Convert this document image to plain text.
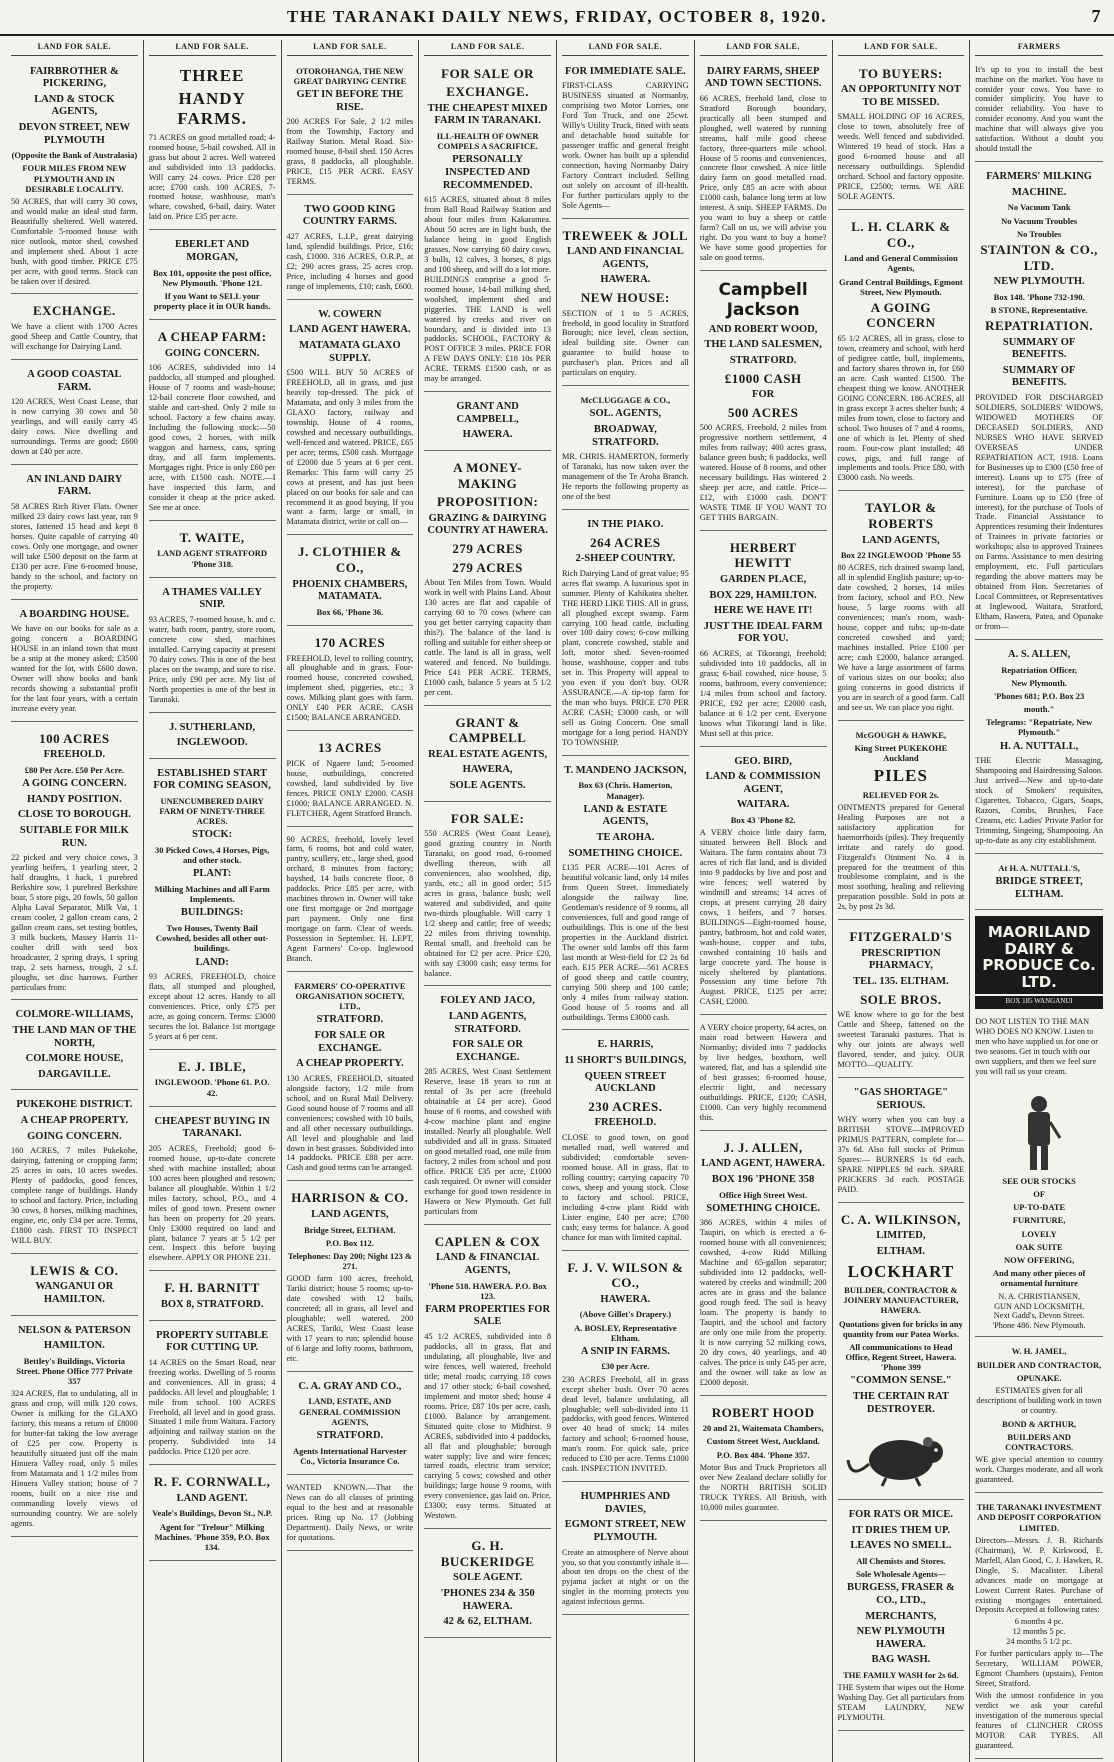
THE TARANAKI DAILY NEWS, FRIDAY, OCTOBER 8, 1920.	7
LAND FOR SALE.
FAIRBROTHER & PICKERING,
LAND & STOCK AGENTS,
DEVON STREET, NEW PLYMOUTH
(Opposite the Bank of Australasia)
FOUR MILES FROM NEW PLYMOUTH AND IN DESIRABLE LOCALITY.

50 ACRES, that will carry 30 cows, and would make an ideal stud farm. Beautifully sheltered. Well watered. Comfortable 5-roomed house with nice outlook, motor shed, cowshed and implement shed. About 1 acre bush, with good timber. PRICE £75 per acre, with good terms. Stock can be taken over if desired.

EXCHANGE.

We have a client with 1700 Acres good Sheep and Cattle Country, that will exchange for Dairying Land.

A GOOD COASTAL FARM.

120 ACRES, West Coast Lease, that is now carrying 30 cows and 50 yearlings, and will easily carry 45 dairy cows. Nice dwelling and surroundings. Terms are good; £600 down at £40 per acre.

AN INLAND DAIRY FARM.

58 ACRES Rich River Flats. Owner milked 23 dairy cows last year, ran 9 stores, fattened 15 head and kept 8 horses. Quite capable of carrying 40 cows. Only one mortgage, and owner will take £500 deposit on the farm at £130 per acre. Fine 6-roomed house, handy to the school, and factory on the property.

A BOARDING HOUSE.

We have on our books for sale as a going concern a BOARDING HOUSE in an inland town that must be a snip at the money asked; £3500 wanted for the lot, with £600 down. Owner will show books and bank records showing a substantial profit for the last four years, with a certain increase every year.

100 ACRES
FREEHOLD.
£80 Per Acre. £50 Per Acre.
A GOING CONCERN.
HANDY POSITION.
CLOSE TO BOROUGH.
SUITABLE FOR MILK RUN.

22 picked and very choice cows, 3 yearling heifers, 1 yearling steer, 2 half draughts, 1 hack, 1 purebred Berkshire sow, 1 purebred Berkshire boar, 5 store pigs, 20 fowls, 50 gallon Alpha Laval Separator, Milk Vat, 1 cream cooler, 2 gallon cream cans, 2 gallon cream cans, set testing bottles, 3 milk buckets, Massey Harris 11-coulter drill with seed box broadcaster, 2 spring drays, 1 spring trap, 2 sets harness, trough, 2 s.f. ploughs, set disc harrows. Further particulars from:

COLMORE-WILLIAMS,
THE LAND MAN OF THE NORTH,
COLMORE HOUSE,
DARGAVILLE.
PUKEKOHE DISTRICT.
A CHEAP PROPERTY.
GOING CONCERN.

160 ACRES, 7 miles Pukekohe, dairying, fattening or cropping farm; 25 acres in oats, 10 acres swedes. Plenty of paddocks, good fences, complete range of buildings. Handy to school and factory. Price, including 30 cows, 8 horses, milking machines, engine, etc, only £34 per acre. Terms, £1800 cash. FIRST TO INSPECT WILL BUY.

LEWIS & CO.
WANGANUI OR HAMILTON.
NELSON & PATERSON
HAMILTON.
Bettley's Buildings, Victoria Street. Phone Office 777 Private 357

324 ACRES, flat to undulating, all in grass and crop, will milk 120 cows. Owner is milking for the GLAXO factory, this means a return of £8000 for butter-fat taking the low average of £25 per cow. Property is beautifully situated just off the main Hinuera Valley road, only 5 miles from Matamata and 1 1/2 miles from Hinuera Valley station; house of 7 rooms, built on a nice rise and commanding lovely views of surrounding country. We are solely agents.

LAND FOR SALE.
THREE
HANDY FARMS.

71 ACRES on good metalled road; 4-roomed house, 5-bail cowshed. All in grass but about 2 acres. Well watered and subdivided into 13 paddocks. Will carry 24 cows. Price £28 per acre; £700 cash. 100 ACRES, 7-roomed house, washhouse, man's whare, cowshed, 6-bail, dairy. Water laid on. Price £35 per acre.

EBERLET AND MORGAN,
Box 101, opposite the post office, New Plymouth. 'Phone 121.
If you Want to SELL your property place it in OUR hands.
A CHEAP FARM:
GOING CONCERN.

106 ACRES, subdivided into 14 paddocks, all stumped and ploughed. House of 7 rooms and wash-house; 12-bail concrete floor cowshed, and stable and cart-shed. Only 2 mile to school. Factory a few chains away. Including the following stock:—50 good cows, 2 horses, with milk waggon and harness, cans, spring dray, and all farm implements. Mortgages right. Price is only £60 per acre, with £1500 cash. NOTE.—I have inspected this farm, and consider it cheap at the price asked. See me at once.

T. WAITE,
LAND AGENT STRATFORD 'Phone 318.
A THAMES VALLEY SNIP.

93 ACRES, 7-roomed house, h. and c. water, bath room, pantry, store room, concrete cow shed, machines installed. Carrying capacity at present 70 dairy cows. This is one of the best places on the swamp, and sure to rise. Price, only £90 per acre. My list of North properties is one of the best in Taranaki.

J. SUTHERLAND,
INGLEWOOD.
ESTABLISHED START FOR COMING SEASON,
UNENCUMBERED DAIRY FARM OF NINETY-THREE ACRES.
STOCK:
30 Picked Cows, 4 Horses, Pigs, and other stock.
PLANT:
Milking Machines and all Farm Implements.
BUILDINGS:
Two Houses, Twenty Bail Cowshed, besides all other out-buildings.
LAND:

93 ACRES, FREEHOLD, choice flats, all stumped and ploughed, except about 12 acres. Handy to all conveniences. Price, only £75 per acre, as going concern. Terms: £3000 secures the lot. Balance 1st mortgage 5 years at 6 per cent.

E. J. IBLE,
INGLEWOOD. 'Phone 61. P.O. 42.
CHEAPEST BUYING IN TARANAKI.

205 ACRES, Freehold; good 6-roomed house, up-to-date concrete shed with machine installed; about 100 acres been ploughed and resown; balance all ploughable. Within 1 1/2 miles factory, school, P.O., and 4 miles of good town. Present owner has been on property for 20 years. Only £3000 required on land and plant, balance 7 years at 5 1/2 per cent. Inspect this before buying elsewhere. APPLY OR PHONE 231.

F. H. BARNITT
BOX 8, STRATFORD.
PROPERTY SUITABLE FOR CUTTING UP.

14 ACRES on the Smart Road, near freezing works. Dwelling of 5 rooms and conveniences. All in grass; 4 paddocks. All level and ploughable; 1 mile from school. 100 ACRES Freehold, all level and in good grass. Situated 1 mile from Waitara. Factory adjoining and railway station on the property. Subdivided into 14 paddocks. Price £120 per acre.

R. F. CORNWALL,
LAND AGENT.
Veale's Buildings, Devon St., N.P.
Agent for "Trelour" Milking Machines. 'Phone 359, P.O. Box 134.
LAND FOR SALE.
OTOROHANGA, THE NEW GREAT DAIRYING CENTRE
GET IN BEFORE THE RISE.

200 ACRES For Sale, 2 1/2 miles from the Township, Factory and Railway Station. Metal Road. Six-roomed house, 8-bail shed. 150 Acres grass, 8 paddocks, all ploughable. PRICE, £15 PER ACRE. EASY TERMS.

TWO GOOD KING COUNTRY FARMS.

427 ACRES, L.I.P., great dairying land, splendid buildings. Price, £16; cash, £1000. 316 ACRES, O.R.P., at £2; 290 acres grass, 25 acres crop. Price, including 4 horses and good range of implements, £10; cash, £600.

W. COWERN
LAND AGENT HAWERA.
MATAMATA GLAXO SUPPLY.

£500 WILL BUY 50 ACRES of FREEHOLD, all in grass, and just heavily top-dressed. The pick of Matamata, and only 3 miles from the GLAXO factory, railway and township. House of 4 rooms, cowshed and necessary outbuildings, well-fenced and watered. PRICE, £65 per acre; terms, £500 cash. Mortgage of £2000 due 5 years at 6 per cent. Remarks: This farm will carry 25 cows at present, and has just been placed on our books for sale and can recommend it as good buying. If you want a farm, large or small, in Matamata district, write or call on—

J. CLOTHIER & CO.,
PHOENIX CHAMBERS, MATAMATA.
Box 66, 'Phone 36.
170 ACRES

FREEHOLD, level to rolling country, all ploughable and in grass. Four-roomed house, concreted cowshed, implement shed, piggeries, etc.; 3 cows. Milking plant goes with farm. ONLY £40 PER ACRE. CASH £1500; BALANCE ARRANGED.

13 ACRES

PICK of Ngaere land; 5-roomed house, outbuildings, concreted cowshed, land subdivided by live fences. PRICE ONLY £2000. CASH £1000; BALANCE ARRANGED. N. FLETCHER, Agent Stratford Branch.

90 ACRES, freehold, lovely level farm, 6 rooms, hot and cold water, pantry, scullery, etc., large shed, good orchard, 8 minutes from factory; bayshed, 14 bails concrete floor, 8 paddocks. Price £85 per acre, with machines thrown in. Owner will take one first mortgage or 2nd mortgage part payment. Only one first mortgage on farm. Clear of weeds. Possession in September. H. LEPT, Agent Farmers' Co-op. Inglewood Branch.

FARMERS' CO-OPERATIVE ORGANISATION SOCIETY, LTD.,
STRATFORD.
FOR SALE OR EXCHANGE.
A CHEAP PROPERTY.

130 ACRES, FREEHOLD, situated alongside factory, 1/2 mile from school, and on Rural Mail Delivery. Good sound house of 7 rooms and all conveniences; cowshed with 10 bails, and all other necessary outbuildings. All level and ploughable and laid down in best grasses. Subdivided into 14 paddocks. PRICE £88 per acre. Cash and good terms can be arranged.

HARRISON & CO.
LAND AGENTS,
Bridge Street, ELTHAM.
P.O. Box 112.
Telephones: Day 200; Night 123 & 271.

GOOD farm 100 acres, freehold, Tariki district; house 5 rooms; up-to-date cowshed with 12 bails, concreted; all in grass, all level and ploughable; well watered. 200 ACRES, Tariki, West Coast lease with 17 years to run; splendid house of 6 large and lofty rooms, bathroom, etc.

C. A. GRAY AND CO.,
LAND, ESTATE, AND GENERAL COMMISSION AGENTS,
STRATFORD.
Agents International Harvester Co., Victoria Insurance Co.

WANTED KNOWN.—That the News can do all classes of printing equal to the best and at reasonable prices. Ring up No. 17 (Jobbing Department). Daily News, or write for quotations.

LAND FOR SALE.
FOR SALE OR
EXCHANGE.
THE CHEAPEST MIXED FARM IN TARANAKI.
ILL-HEALTH OF OWNER COMPELS A SACRIFICE.
PERSONALLY INSPECTED AND RECOMMENDED.

615 ACRES, situated about 8 miles from Ball Road Railway Station and about four miles from Kakaramea. About 50 acres are in light bush, the balance being in good English grasses. Now carrying 60 dairy cows, 3 bulls, 12 calves, 3 horses, 8 pigs and 100 sheep, and will do a lot more. BUILDINGS comprise a good 5-roomed house, 14-bail milking shed, woolshed, implement shed and piggeries. THE LAND is well watered by creeks and river on boundary, and is divided into 13 paddocks. SCHOOL, FACTORY & POST OFFICE 3 miles. PRICE FOR A FEW DAYS ONLY: £18 10s PER ACRE. TERMS £1500 cash, or as may be arranged.

GRANT AND CAMPBELL,
HAWERA.
A MONEY-MAKING
PROPOSITION:
GRAZING & DAIRYING COUNTRY AT HAWERA.
279 ACRES
279 ACRES

About Ten Miles from Town. Would work in well with Plains Land. About 130 acres are flat and capable of carrying 60 to 70 cows (where can you get better carrying capacity than this?). The balance of the land is rolling and suitable for either sheep or cattle. The land is all in grass, well watered and fenced. No buildings. Price £41 PER ACRE. TERMS, £1000 cash, balance 5 years at 5 1/2 per cent.

GRANT & CAMPBELL
REAL ESTATE AGENTS,
HAWERA,
SOLE AGENTS.
FOR SALE:

550 ACRES (West Coast Lease), good grazing country in North Taranaki, on good road, 6-roomed dwelling thereon, with all conveniences, also woolshed, dip, yards, etc.; all in good order; 515 acres in grass, balance bush; well watered and subdivided, and quite two-thirds ploughable. Will carry 1 1/2 sheep and cattle; free of weeds; 22 miles from thriving township. Rental small, and freehold can be obtained for £2 per acre. Price £20, with say £3000 cash; easy terms for balance.

FOLEY AND JACO,
LAND AGENTS, STRATFORD.
FOR SALE OR EXCHANGE.

285 ACRES, West Coast Settlement Reserve, lease 18 years to run at rental of 3s per acre (freehold obtainable at £4 per acre). Good house of 6 rooms, and cowshed with 4-cow machine plant and engine installed. Nearly all ploughable. Well subdivided and all in grass. Situated on good metalled road, one mile from factory, 2 miles from school and post office. PRICE £35 per acre, £1000 cash required. Or owner will consider exchange for good town residence in Hawera or New Plymouth. Get full particulars from

CAPLEN & COX
LAND & FINANCIAL AGENTS,
'Phone 518. HAWERA. P.O. Box 123.
FARM PROPERTIES FOR SALE

45 1/2 ACRES, subdivided into 8 paddocks, all in grass, flat and undulating, all ploughable, live and wire fences, well watered, freehold title; metal roads; carrying 18 cows and 17 other stock; 6-bail cowshed, implement and motor shed; house 4 rooms. Price, £87 10s per acre, cash, £1000. Balance by arrangement. Situated quite close to Midhirst. 9 ACRES, subdivided into 4 paddocks, all flat and ploughable; borough water supply; live and wire fences; tarred roads, electric tram service; carrying 5 cows; cowshed and other buildings; large house 9 rooms, with every convenience, gas laid on. Price, £3300; easy terms. Situated at Westown.

G. H. BUCKERIDGE
SOLE AGENT.
'PHONES 234 & 350 HAWERA.
42 & 62, ELTHAM.
LAND FOR SALE.
FOR IMMEDIATE SALE.

FIRST-CLASS CARRYING BUSINESS situated at Normanby, comprising two Motor Lorries, one Ford Ton Truck, and one 25cwt. Willy's Utility Truck, fitted with seats and detachable hood suitable for passenger traffic and general freight work. Owner has built up a splendid connection, having Normanby Dairy Factory Contract included. Selling out solely on account of ill-health. For further particulars apply to the Sole Agents—

TREWEEK & JOLL
LAND AND FINANCIAL AGENTS,
HAWERA.
NEW HOUSE:

SECTION of 1 to 5 ACRES, freehold, in good locality in Stratford Borough; nice level, clean section, ideal building site. Owner can guarantee to build house to purchaser's plan. Prices and all particulars on enquiry.

McCLUGGAGE & CO.,
SOL. AGENTS,
BROADWAY, STRATFORD.

MR. CHRIS. HAMERTON, formerly of Taranaki, has now taken over the management of the Te Aroha Branch. He reports the following property as one of the best

IN THE PIAKO.
264 ACRES
2-SHEEP COUNTRY.

Rich Dairying Land of great value; 95 acres flat swamp. A luxurious spot in summer. Plenty of Kahikatea shelter. THE HERD LIKE THIS. All in grass, all ploughed except swamp. Farm carrying 100 head cattle, including over 100 dairy cows; 6-cow milking plant, concrete cowshed, stable and loft, motor shed. Seven-roomed house, washhouse, copper and tubs set in. This Property will appeal to you even if you don't buy. OUR ASSURANCE.—A tip-top farm for the man who buys. PRICE £70 PER ACRE CASH; £3000 cash, or will sell as Going Concern. One small mortgage for a long period. HANDY TO TOWNSHIP.

T. MANDENO JACKSON,
Box 63 (Chris. Hamerton, Manager).
LAND & ESTATE AGENTS,
TE AROHA.
SOMETHING CHOICE.

£135 PER ACRE—101 Acres of beautiful volcanic land, only 14 miles from Queen Street. Immediately alongside the railway line. Gentleman's residence of 9 rooms, all conveniences, full and good range of outbuildings. This is one of the best properties in the Auckland district. The owner sold lambs off this farm last month at West-field for £2 2s 6d each. E15 PER ACRE—561 ACRES of good sheep and cattle country, carrying 500 sheep and 100 cattle; only 4 miles from railway station. Good house of 5 rooms and all outbuildings. Terms £3000 cash.

E. HARRIS,
11 SHORT'S BUILDINGS,
QUEEN STREET AUCKLAND
230 ACRES.
FREEHOLD.

CLOSE to good town, on good metalled road, well watered and subdivided; comfortable seven-roomed house. All in grass, flat to rolling country; carrying capacity 70 cows, sheep and young stock. Close to factory and school. PRICE, including 4-cow plant Ridd with Lister engine, £40 per acre; £700 cash; easy terms for balance. A good chance for man with limited capital.

F. J. V. WILSON & CO.,
HAWERA.
(Above Gillet's Drapery.)
A. BOSLEY, Representative Eltham.
A SNIP IN FARMS.
£30 per Acre.

230 ACRES Freehold, all in grass except shelter bush. Over 70 acres dead level, balance undulating, all ploughable; well sub-divided into 11 paddocks, with good fences. Wintered over 40 head of stock; 14 miles factory and school; 6-roomed house, man's room. For quick sale, price reduced to £30 per acre. Terms £1000 cash. INSPECTION INVITED.

HUMPHRIES AND DAVIES,
EGMONT STREET, NEW PLYMOUTH.

Create an atmosphere of Nerve about you, so that you constantly inhale it—about ten drops on the chest of the pyjama jacket at night or on the singlet in the morning protects you against infectious germs.

LAND FOR SALE.
DAIRY FARMS, SHEEP AND TOWN SECTIONS.

66 ACRES, freehold land, close to Stratford Borough boundary, practically all been stumped and ploughed, well watered by running streams, half mile good cheese factory, three-quarters mile school. House of 5 rooms and conveniences, concrete floor cowshed. A nice little dairy farm on good metalled road. Price, only £85 an acre with about £1000 cash, balance long term at low interest. A snip. SHEEP FARMS. Do you want to buy a sheep or cattle farm? Call on us, we will advise you right. Do you want to buy a home? We have some good properties for sale on good terms.

Campbell Jackson
AND ROBERT WOOD,
THE LAND SALESMEN,
STRATFORD.
£1000 CASH
FOR
500 ACRES

500 ACRES, Freehold, 2 miles from progressive northern settlement, 4 miles from railway; 400 acres grass, balance green bush; 6 paddocks, well watered. House of 8 rooms, and other necessary buildings. Has wintered 2 sheep per acre, and cattle. Price—£12, with £1000 cash. DON'T WASTE TIME IF YOU WANT TO GET THIS BARGAIN.

HERBERT HEWITT
GARDEN PLACE,
BOX 229, HAMILTON.
HERE WE HAVE IT!
JUST THE IDEAL FARM FOR YOU.

66 ACRES, at Tikorangi, freehold; subdivided into 10 paddocks, all in grass; 6-bail cowshed, nice house, 5 rooms, bathroom, every convenience; 1/4 miles from school and factory. PRICE, £92 per acre; £2000 cash, balance at 6 1/2 per cent. Everyone knows what Tikorangi land is like. Must sell at this price.

GEO. BIRD,
LAND & COMMISSION AGENT,
WAITARA.
Box 43 'Phone 82.

A VERY choice little dairy farm, situated between Bell Block and Waitara. The farm contains about 73 acres of rich flat land, and is divided into 9 paddocks by live and post and wire fences; well watered by windmill and streams; 14 acres of crops, at present carrying 28 dairy cows, 1 heifers, and 7 horses. BUILDINGS—Eight-roomed house, pantry, bathroom, hot and cold water, wash-house, copper and tubs, cowshed containing 10 bails and large concrete yard. The house is nicely sheltered by plantations. Possession any time before 7th August. PRICE, £125 per acre; CASH, £2000.

A VERY choice property, 64 acres, on main road between Hawera and Normanby; divided into 7 paddocks by live hedges, boxthorn, well watered, flat, and has a splendid site of best grasses; 6-roomed house, electric light, and necessary outbuildings. PRICE, £120; CASH, £1000. Can very highly recommend this.

J. J. ALLEN,
LAND AGENT, HAWERA.
BOX 196 'PHONE 358
Office High Street West.
SOMETHING CHOICE.

386 ACRES, within 4 miles of Taupiri, on which is erected a 6-roomed house with all conveniences; cowshed, 4-cow Ridd Milking Machine and 65-gallon separator; subdivided into 12 paddocks, well-watered by creeks and windmill; 200 acres are in grass and the balance good rough feed. The soil is heavy loam. The property is handy to Taupiri, and the school and factory are only one mile from the property. It is now carrying 52 milking cows, 20 dry cows, 40 yearlings, and 40 calves. The price is only £45 per acre, and the owner will take as low as £2000 deposit.

ROBERT HOOD
20 and 21, Waitemata Chambers,
Custom Street West, Auckland.
P.O. Box 484. 'Phone 357.

Motor Bus and Truck Proprietors all over New Zealand declare solidly for the NORTH BRITISH SOLID TRUCK TYRES. All British, with 10,000 miles guarantee.

LAND FOR SALE.
TO BUYERS:
AN OPPORTUNITY NOT TO BE MISSED.

SMALL HOLDING OF 16 ACRES, close to town, absolutely free of weeds. Well fenced and subdivided. Wintered 19 head of stock. Has a good 6-roomed house and all necessary outbuildings. Splendid orchard. School and factory opposite. PRICE, £2500; terms. WE ARE SOLE AGENTS.

L. H. CLARK & CO.,
Land and General Commission Agents,
Grand Central Buildings, Egmont Street, New Plymouth.
A GOING CONCERN

65 1/2 ACRES, all in grass, close to town, creamery and school, with herd of pedigree cattle, bull, implements, and factory shares thrown in, for £60 an acre. Cash wanted £1500. The cheapest thing we know. ANOTHER GOING CONCERN. 186 ACRES, all in grass except 3 acres shelter bush; 4 miles from town, close to factory and school. Two houses of 7 and 4 rooms, one of which is let. Plenty of shed room. Four-cow plant installed; 48 cows, pigs, and full range of implements and tools. Price £80, with £3000 cash. No weeds.

TAYLOR & ROBERTS
LAND AGENTS,
Box 22 INGLEWOOD 'Phone 55

80 ACRES, rich drained swamp land, all in splendid English pasture; up-to-date cowshed, 2 horses, 14 miles from factory, school and P.O. New house, 5 large rooms with all conveniences; man's room, wash-house, copper and tubs; up-to-date concreted cowshed and yard; machines installed. Price £100 per acre; cash £2000, balance arranged. We have a large assortment of farms of various sizes on our books; also going concerns in good districts if you are in search of a good farm. Call and see us. We can place you right.

McGOUGH & HAWKE,
King Street PUKEKOHE Auckland
PILES
RELIEVED FOR 2s.

OINTMENTS prepared for General Healing Purposes are not a satisfactory application for haemorrhoids (piles). They frequently irritate and rarely do good. Fitzgerald's Ointment No. 4 is prepared for the treatment of this troublesome complaint, and is the most soothing, healing and relieving preparation possible. Sold in pots at 2s, by post 2s 3d.

FITZGERALD'S
PRESCRIPTION PHARMACY,
TEL. 135. ELTHAM.
SOLE BROS.

WE know where to go for the best Cattle and Sheep, fattened on the sweetest Taranaki pastures. That is why our joints are always well flavored, tender, and juicy. OUR MOTTO—QUALITY.

"GAS SHORTAGE" SERIOUS.

WHY worry when you can buy a BRITISH STOVE—IMPROVED PRIMUS PATTERN, complete for— 37s 6d. Also full stocks of Primus Spares:— BURNERS 1s 6d each. SPARE NIPPLES 9d each. SPARE PRICKERS 3d each. POSTAGE PAID.

C. A. WILKINSON,
LIMITED,
ELTHAM.
LOCKHART
BUILDER, CONTRACTOR & JOINERY MANUFACTURER, HAWERA.
Quotations given for bricks in any quantity from our Patea Works.
All communications to Head Office, Regent Street, Hawera. 'Phone 399
"COMMON SENSE."
THE CERTAIN RAT DESTROYER.
FOR RATS OR MICE.
IT DRIES THEM UP.
LEAVES NO SMELL.
All Chemists and Stores.
Sole Wholesale Agents—
BURGESS, FRASER & CO., LTD.,
MERCHANTS,
NEW PLYMOUTH HAWERA.
BAG WASH.
THE FAMILY WASH for 2s 6d.

THE System that wipes out the Home Washing Day. Get all particulars from STEAM LAUNDRY, NEW PLYMOUTH.

FARMERS

It's up to you to install the best machine on the market. You have to consider your cows. You have to consider simplicity. You have to consider reliability. You have to consider economy. And you want the machine that will always give you satisfaction. Without a doubt you should install the

FARMERS' MILKING
MACHINE.
No Vacuum Tank
No Vacuum Troubles
No Troubles
STAINTON & CO., LTD.
NEW PLYMOUTH.
Box 148. 'Phone 732-190.
B STONE, Representative.
REPATRIATION.
SUMMARY OF BENEFITS.
SUMMARY OF BENEFITS.

PROVIDED FOR DISCHARGED SOLDIERS, SOLDIERS' WIDOWS, WIDOWED MOTHERS OF DECEASED SOLDIERS, AND NURSES WHO HAVE SERVED OVERSEAS UNDER REPATRIATION ACT, 1918. Loans for Businesses up to £300 (£50 free of interest). Loans up to £75 (free of interest), for the purchase of Furniture. Loans up to £50 (free of interest), for the purchase of Tools of Trade. Financial Assistance to Apprentices resuming their Indentures of Trainees in private factories or workshops; also to approved Trainees on Farms. Assistance to men desiring employment, etc. Full particulars regarding the above matters may be obtained from Hon. Secretaries of Local Committees, or Representatives at Inglewood, Waitara, Stratford, Eltham, Hawera, Patea, and Opunake or from—

A. S. ALLEN,
Repatriation Officer,
New Plymouth.
'Phones 681; P.O. Box 23
mouth."
Telegrams: "Repatriate, New Plymouth."
H. A. NUTTALL,

THE Electric Massaging, Shampooing and Hairdressing Saloon. Just arrived—New and up-to-date stock of Smokers' requisites, Cigarettes, Tobacco, Cigars, Soaps, Razors, Combs, Brushes, Face Creams, etc. Ladies' Private Parlor for Trimming, Singeing, Shampooing. An up-to-date as any city establishment.

At H. A. NUTTALL'S,
BRIDGE STREET, ELTHAM.
MAORILAND DAIRY & PRODUCE Co. LTD.
BOX 185 WANGANUI

DO NOT LISTEN TO THE MAN WHO DOES NO KNOW. Listen to men who have supplied us for one or two seasons. Get in touch with our own suppliers, and then we feel sure you will rail us your cream.

SEE OUR STOCKS
OF
UP-TO-DATE
FURNITURE,
LOVELY
OAK SUITE
NOW OFFERING,
And many other pieces of ornamental furniture
N. A. CHRISTIANSEN,
GUN AND LOCKSMITH,
Next Gadd's, Devon Street.
'Phone 486. New Plymouth.
W. H. JAMEL,
BUILDER AND CONTRACTOR,
OPUNAKE.
ESTIMATES given for all descriptions of building work in town or country.
BOND & ARTHUR,
BUILDERS AND CONTRACTORS.

WE give special attention to country work. Charges moderate, and all work guaranteed.

THE TARANAKI INVESTMENT AND DEPOSIT CORPORATION LIMITED.

Directors—Messrs. J. B. Richards (Chairman), W. P. Kirkwood, E. Marfell, Alan Good, C. J. Hawken, R. Dingle, S. Macalister. Liberal advances made on mortgage at Lowest Current Rates. Purchase of existing mortgages entertained. Deposits Accepted at following rates:

6 months 4 pc.
12 months 5 pc.
24 months 5 1/2 pc.

For further particulars apply to—The Secretary, WILLIAM POWER, Egmont Chambers (upstairs), Fenton Street, Stratford.

With the utmost confidence in you verdict we ask your careful investigation of the numerous special features of CLINCHER CROSS MOTOR CAR TYRES. All guaranteed.
